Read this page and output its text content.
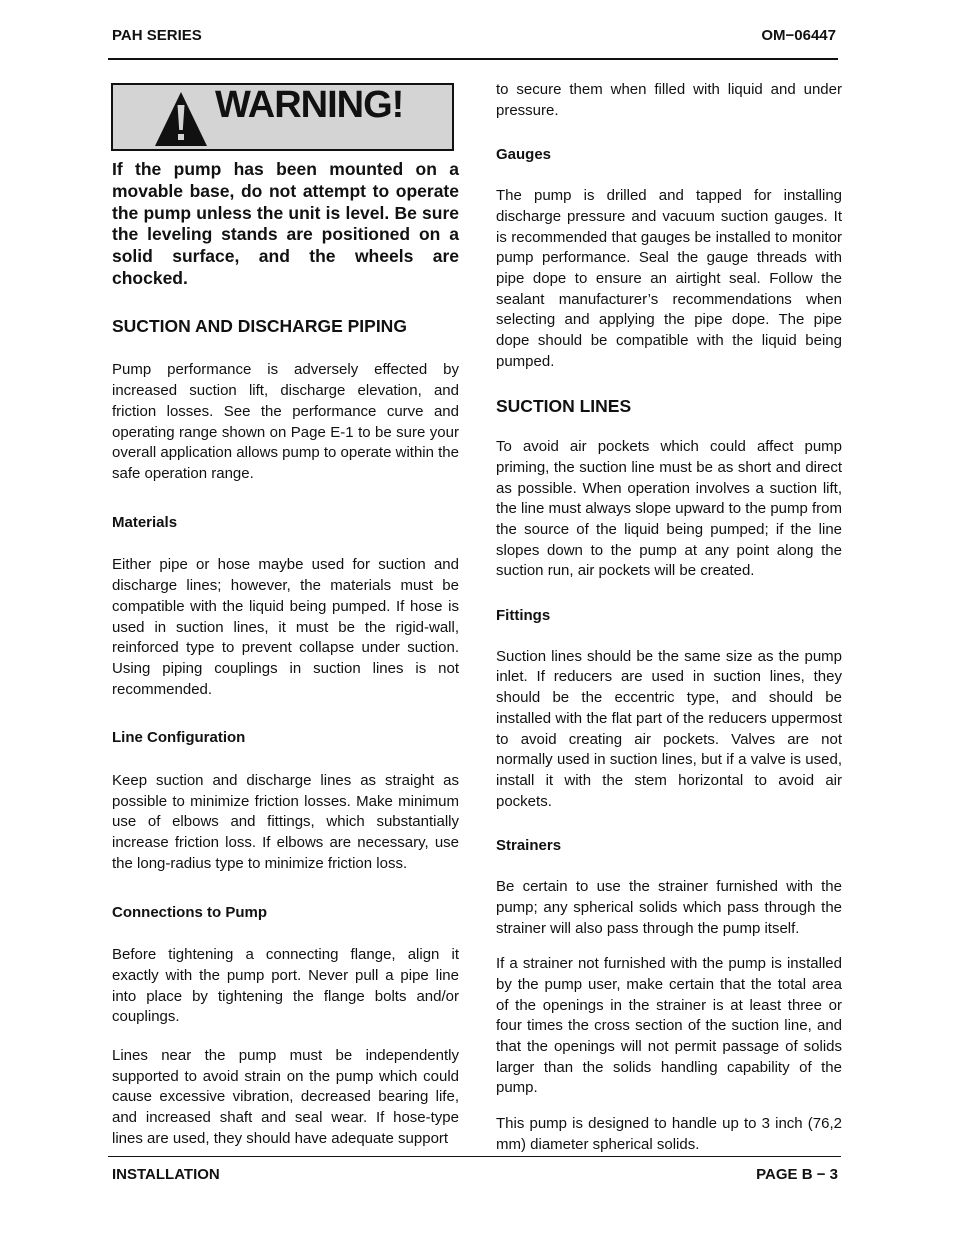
PAH SERIES	OM−06447
WARNING!

If the pump has been mounted on a movable base, do not attempt to operate the pump unless the unit is level. Be sure the leveling stands are positioned on a solid surface, and the wheels are chocked.

SUCTION AND DISCHARGE PIPING

Pump performance is adversely effected by increased suction lift, discharge elevation, and friction losses. See the performance curve and operating range shown on Page E-1 to be sure your overall application allows pump to operate within the safe operation range.

Materials

Either pipe or hose maybe used for suction and discharge lines; however, the materials must be compatible with the liquid being pumped. If hose is used in suction lines, it must be the rigid-wall, reinforced type to prevent collapse under suction. Using piping couplings in suction lines is not recommended.

Line Configuration

Keep suction and discharge lines as straight as possible to minimize friction losses. Make minimum use of elbows and fittings, which substantially increase friction loss. If elbows are necessary, use the long-radius type to minimize friction loss.

Connections to Pump

Before tightening a connecting flange, align it exactly with the pump port. Never pull a pipe line into place by tightening the flange bolts and/or couplings.

Lines near the pump must be independently supported to avoid strain on the pump which could cause excessive vibration, decreased bearing life, and increased shaft and seal wear. If hose-type lines are used, they should have adequate support

to secure them when filled with liquid and under pressure.

Gauges

The pump is drilled and tapped for installing discharge pressure and vacuum suction gauges. It is recommended that gauges be installed to monitor pump performance. Seal the gauge threads with pipe dope to ensure an airtight seal. Follow the sealant manufacturer’s recommendations when selecting and applying the pipe dope. The pipe dope should be compatible with the liquid being pumped.

SUCTION LINES

To avoid air pockets which could affect pump priming, the suction line must be as short and direct as possible. When operation involves a suction lift, the line must always slope upward to the pump from the source of the liquid being pumped; if the line slopes down to the pump at any point along the suction run, air pockets will be created.

Fittings

Suction lines should be the same size as the pump inlet. If reducers are used in suction lines, they should be the eccentric type, and should be installed with the flat part of the reducers uppermost to avoid creating air pockets. Valves are not normally used in suction lines, but if a valve is used, install it with the stem horizontal to avoid air pockets.

Strainers

Be certain to use the strainer furnished with the pump; any spherical solids which pass through the strainer will also pass through the pump itself.

If a strainer not furnished with the pump is installed by the pump user, make certain that the total area of the openings in the strainer is at least three or four times the cross section of the suction line, and that the openings will not permit passage of solids larger than the solids handling capability of the pump.

This pump is designed to handle up to 3 inch (76,2 mm) diameter spherical solids.

INSTALLATION	PAGE B − 3
